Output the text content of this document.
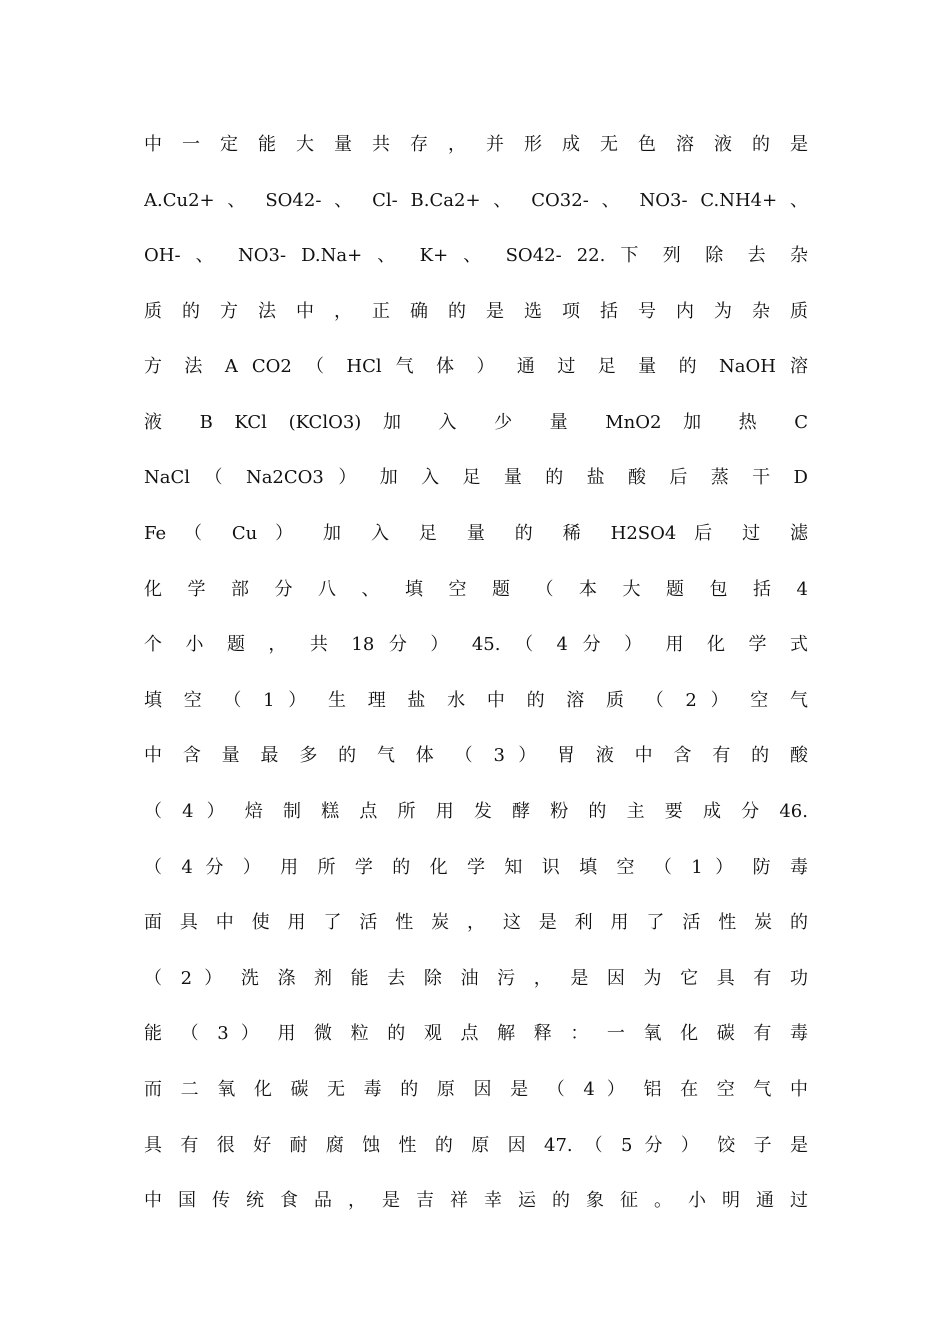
中 一 定 能 大 量 共 存 ， 并 形 成 无 色 溶 液 的 是

A.Cu2+ 、 SO42- 、 Cl- B.Ca2+ 、 CO32- 、 NO3- C.NH4+ 、

OH- 、 NO3- D.Na+ 、 K+ 、 SO42- 22. 下 列 除 去 杂

质 的 方 法 中 ， 正 确 的 是 选 项 括 号 内 为 杂 质

方 法 A CO2 （ HCl 气 体 ） 通 过 足 量 的 NaOH 溶

液 B KCl (KClO3) 加 入 少 量 MnO2 加 热 C

NaCl （ Na2CO3 ） 加 入 足 量 的 盐 酸 后 蒸 干 D

Fe （ Cu ） 加 入 足 量 的 稀 H2SO4 后 过 滤

化 学 部 分 八 、 填 空 题 （ 本 大 题 包 括 4

个 小 题 ， 共 18 分 ） 45. （ 4 分 ） 用 化 学 式

填 空 （ 1 ） 生 理 盐 水 中 的 溶 质 （ 2 ） 空 气

中 含 量 最 多 的 气 体 （ 3 ） 胃 液 中 含 有 的 酸

（ 4 ） 焙 制 糕 点 所 用 发 酵 粉 的 主 要 成 分 46.

（ 4 分 ） 用 所 学 的 化 学 知 识 填 空 （ 1 ） 防 毒

面 具 中 使 用 了 活 性 炭 ， 这 是 利 用 了 活 性 炭 的

（ 2 ） 洗 涤 剂 能 去 除 油 污 ， 是 因 为 它 具 有 功

能 （ 3 ） 用 微 粒 的 观 点 解 释 ： 一 氧 化 碳 有 毒

而 二 氧 化 碳 无 毒 的 原 因 是 （ 4 ） 铝 在 空 气 中

具 有 很 好 耐 腐 蚀 性 的 原 因 47. （ 5 分 ） 饺 子 是

中 国 传 统 食 品 ， 是 吉 祥 幸 运 的 象 征 。 小 明 通 过
